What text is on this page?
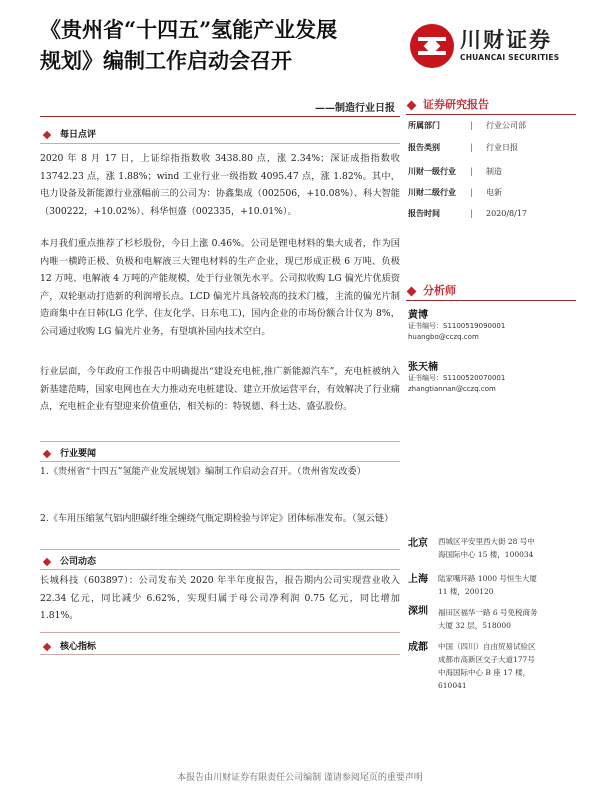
《贵州省“十四五”氢能产业发展
规划》编制工作启动会召开
——制造行业日报
川财证券
CHUANCAI SECURITIES
每日点评

2020 年 8 月 17 日，上证综指指数收 3438.80 点，涨 2.34%；深证成指指数收 13742.23 点，涨 1.88%；wind 工业行业一级指数 4095.47 点，涨 1.82%。其中，电力设备及新能源行业涨幅前三的公司为：协鑫集成（002506，+10.08%）、科大智能（300222，+10.02%）、科华恒盛（002335，+10.01%）。

本月我们重点推荐了杉杉股份，今日上涨 0.46%。公司是锂电材料的集大成者，作为国内唯一横跨正极、负极和电解液三大锂电材料的生产企业，现已形成正极 6 万吨、负极 12 万吨、电解液 4 万吨的产能规模，处于行业领先水平。公司拟收购 LG 偏光片优质资产，双轮驱动打造新的利润增长点。LCD 偏光片具备较高的技术门槛，主流的偏光片制造商集中在日韩(LG 化学、住友化学、日东电工)，国内企业的市场份额合计仅为 8%，公司通过收购 LG 偏光片业务，有望填补国内技术空白。

行业层面，今年政府工作报告中明确提出“建设充电桩,推广新能源汽车”，充电桩被纳入新基建范畴，国家电网也在大力推动充电桩建设、建立开放运营平台，有效解决了行业痛点，充电桩企业有望迎来价值重估，相关标的：特锐德、科士达、盛弘股份。

行业要闻

1.《贵州省“十四五”氢能产业发展规划》编制工作启动会召开。（贵州省发改委）

2.《车用压缩氢气铝内胆碳纤维全缠绕气瓶定期检验与评定》团体标准发布。（氢云链）

公司动态

长城科技（603897）：公司发布关 2020 年半年度报告，报告期内公司实现营业收入 22.34 亿元，同比减少 6.62%，实现归属于母公司净利润 0.75 亿元，同比增加 1.81%。

核心指标
证券研究报告
所属部门	| 行业公司部
报告类别	| 行业日报
川财一级行业 | 制造
川财二级行业 | 电新
报告时间	| 2020/8/17
分析师
黄博
证书编号：S1100519090001
huangbo@cczq.com
张天楠
证书编号：S1100520070001
zhangtiannan@cczq.com
北京 西城区平安里西大街 28 号中
海国际中心 15 楼，100034
上海 陆家嘴环路 1000 号恒生大厦
11 楼，200120
深圳 福田区福华一路 6 号免税商务
大厦 32 层，518000
成都 中国（四川）自由贸易试验区
成都市高新区交子大道177号
中海国际中心 B 座 17 楼，
610041
本报告由川财证券有限责任公司编制 谨请参阅尾页的重要声明
